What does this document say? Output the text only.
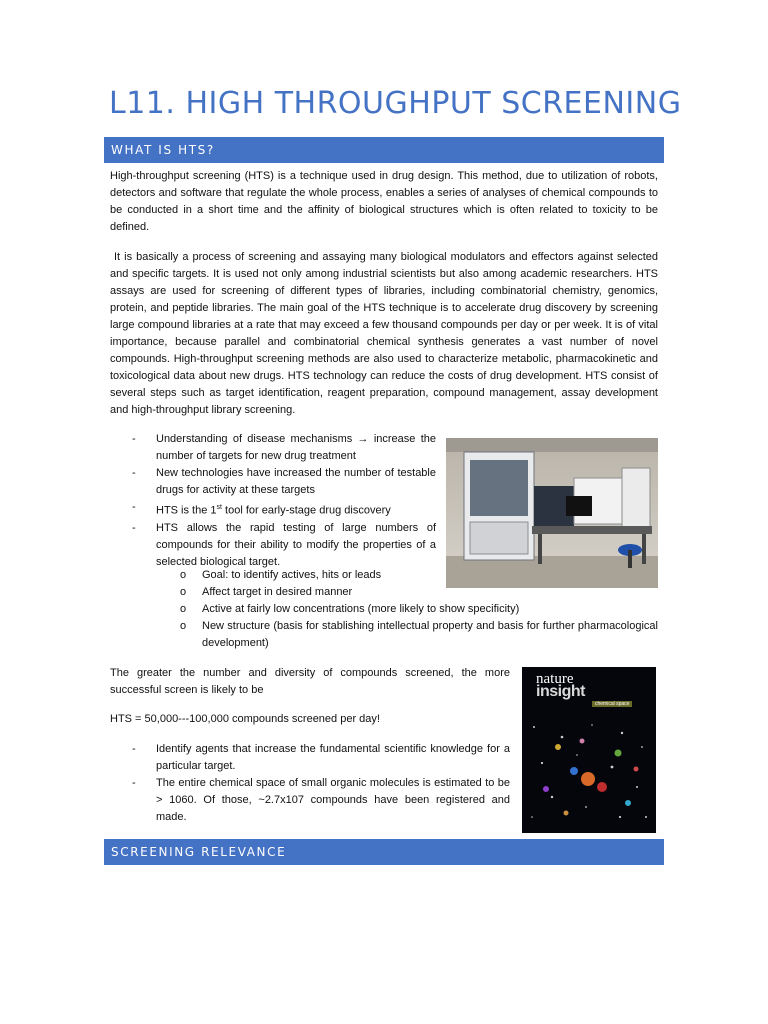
L11. HIGH THROUGHPUT SCREENING
WHAT IS HTS?

High-throughput screening (HTS) is a technique used in drug design. This method, due to utilization of robots, detectors and software that regulate the whole process, enables a series of analyses of chemical compounds to be conducted in a short time and the affinity of biological structures which is often related to toxicity to be defined.

It is basically a process of screening and assaying many biological modulators and effectors against selected and specific targets. It is used not only among industrial scientists but also among academic researchers. HTS assays are used for screening of different types of libraries, including combinatorial chemistry, genomics, protein, and peptide libraries. The main goal of the HTS technique is to accelerate drug discovery by screening large compound libraries at a rate that may exceed a few thousand compounds per day or per week. It is of vital importance, because parallel and combinatorial chemical synthesis generates a vast number of novel compounds. High-throughput screening methods are also used to characterize metabolic, pharmacokinetic and toxicological data about new drugs. HTS technology can reduce the costs of drug development. HTS consist of several steps such as target identification, reagent preparation, compound management, assay development and high-throughput library screening.

- Understanding of disease mechanisms → increase the number of targets for new drug treatment
- New technologies have increased the number of testable drugs for activity at these targets
- HTS is the 1st tool for early-stage drug discovery
- HTS allows the rapid testing of large numbers of compounds for their ability to modify the properties of a selected biological target.
o Goal: to identify actives, hits or leads
o Affect target in desired manner
o Active at fairly low concentrations (more likely to show specificity)
o New structure (basis for stablishing intellectual property and basis for further pharmacological development)

The greater the number and diversity of compounds screened, the more successful screen is likely to be

HTS = 50,000---100,000 compounds screened per day!

- Identify agents that increase the fundamental scientific knowledge for a particular target.
- The entire chemical space of small organic molecules is estimated to be > 1060. Of those, ~2.7x107 compounds have been registered and made.
nature
insight
chemical space
SCREENING RELEVANCE
